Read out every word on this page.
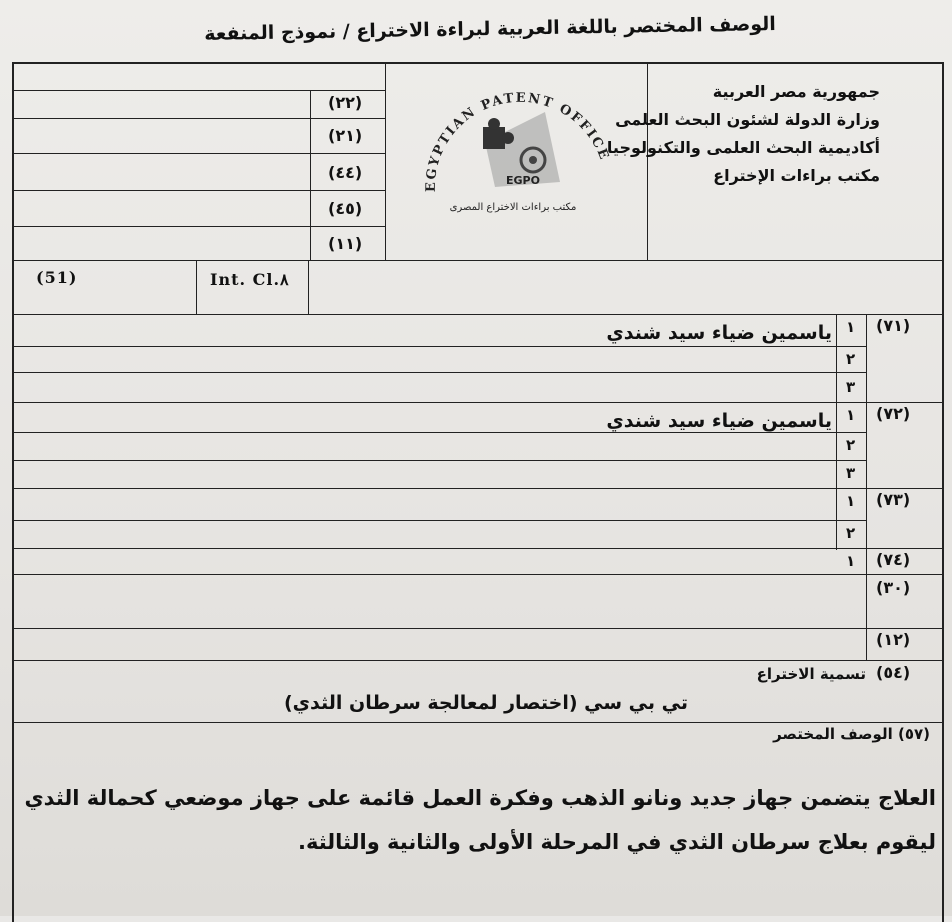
الوصف المختصر باللغة العربية لبراءة الاختراع / نموذج المنفعة
(٢٢)
(٢١)
(٤٤)
(٤٥)
(١١)
EGYPTIAN PATENT OFFICE
EGPO
مكتب براءات الاختراع المصرى
جمهورية مصر العربية
وزارة الدولة لشئون البحث العلمى
أكاديمية البحث العلمى والتكنولوجيا
مكتب براءات الإختراع
(51)	Int. Cl.٨
(٧١)
١
٢
٣
ياسمين ضياء سيد شندي
(٧٢)
١
٢
٣
ياسمين ضياء سيد شندي
(٧٣)
١
٢
(٧٤)
١
(٣٠)
(١٢)
(٥٤)
تسمية الاختراع
تي بي سي (اختصار لمعالجة سرطان الثدي)
(٥٧) الوصف المختصر
العلاج يتضمن جهاز جديد ونانو الذهب وفكرة العمل قائمة على جهاز موضعي كحمالة الثدي
ليقوم بعلاج سرطان الثدي في المرحلة الأولى والثانية والثالثة.
